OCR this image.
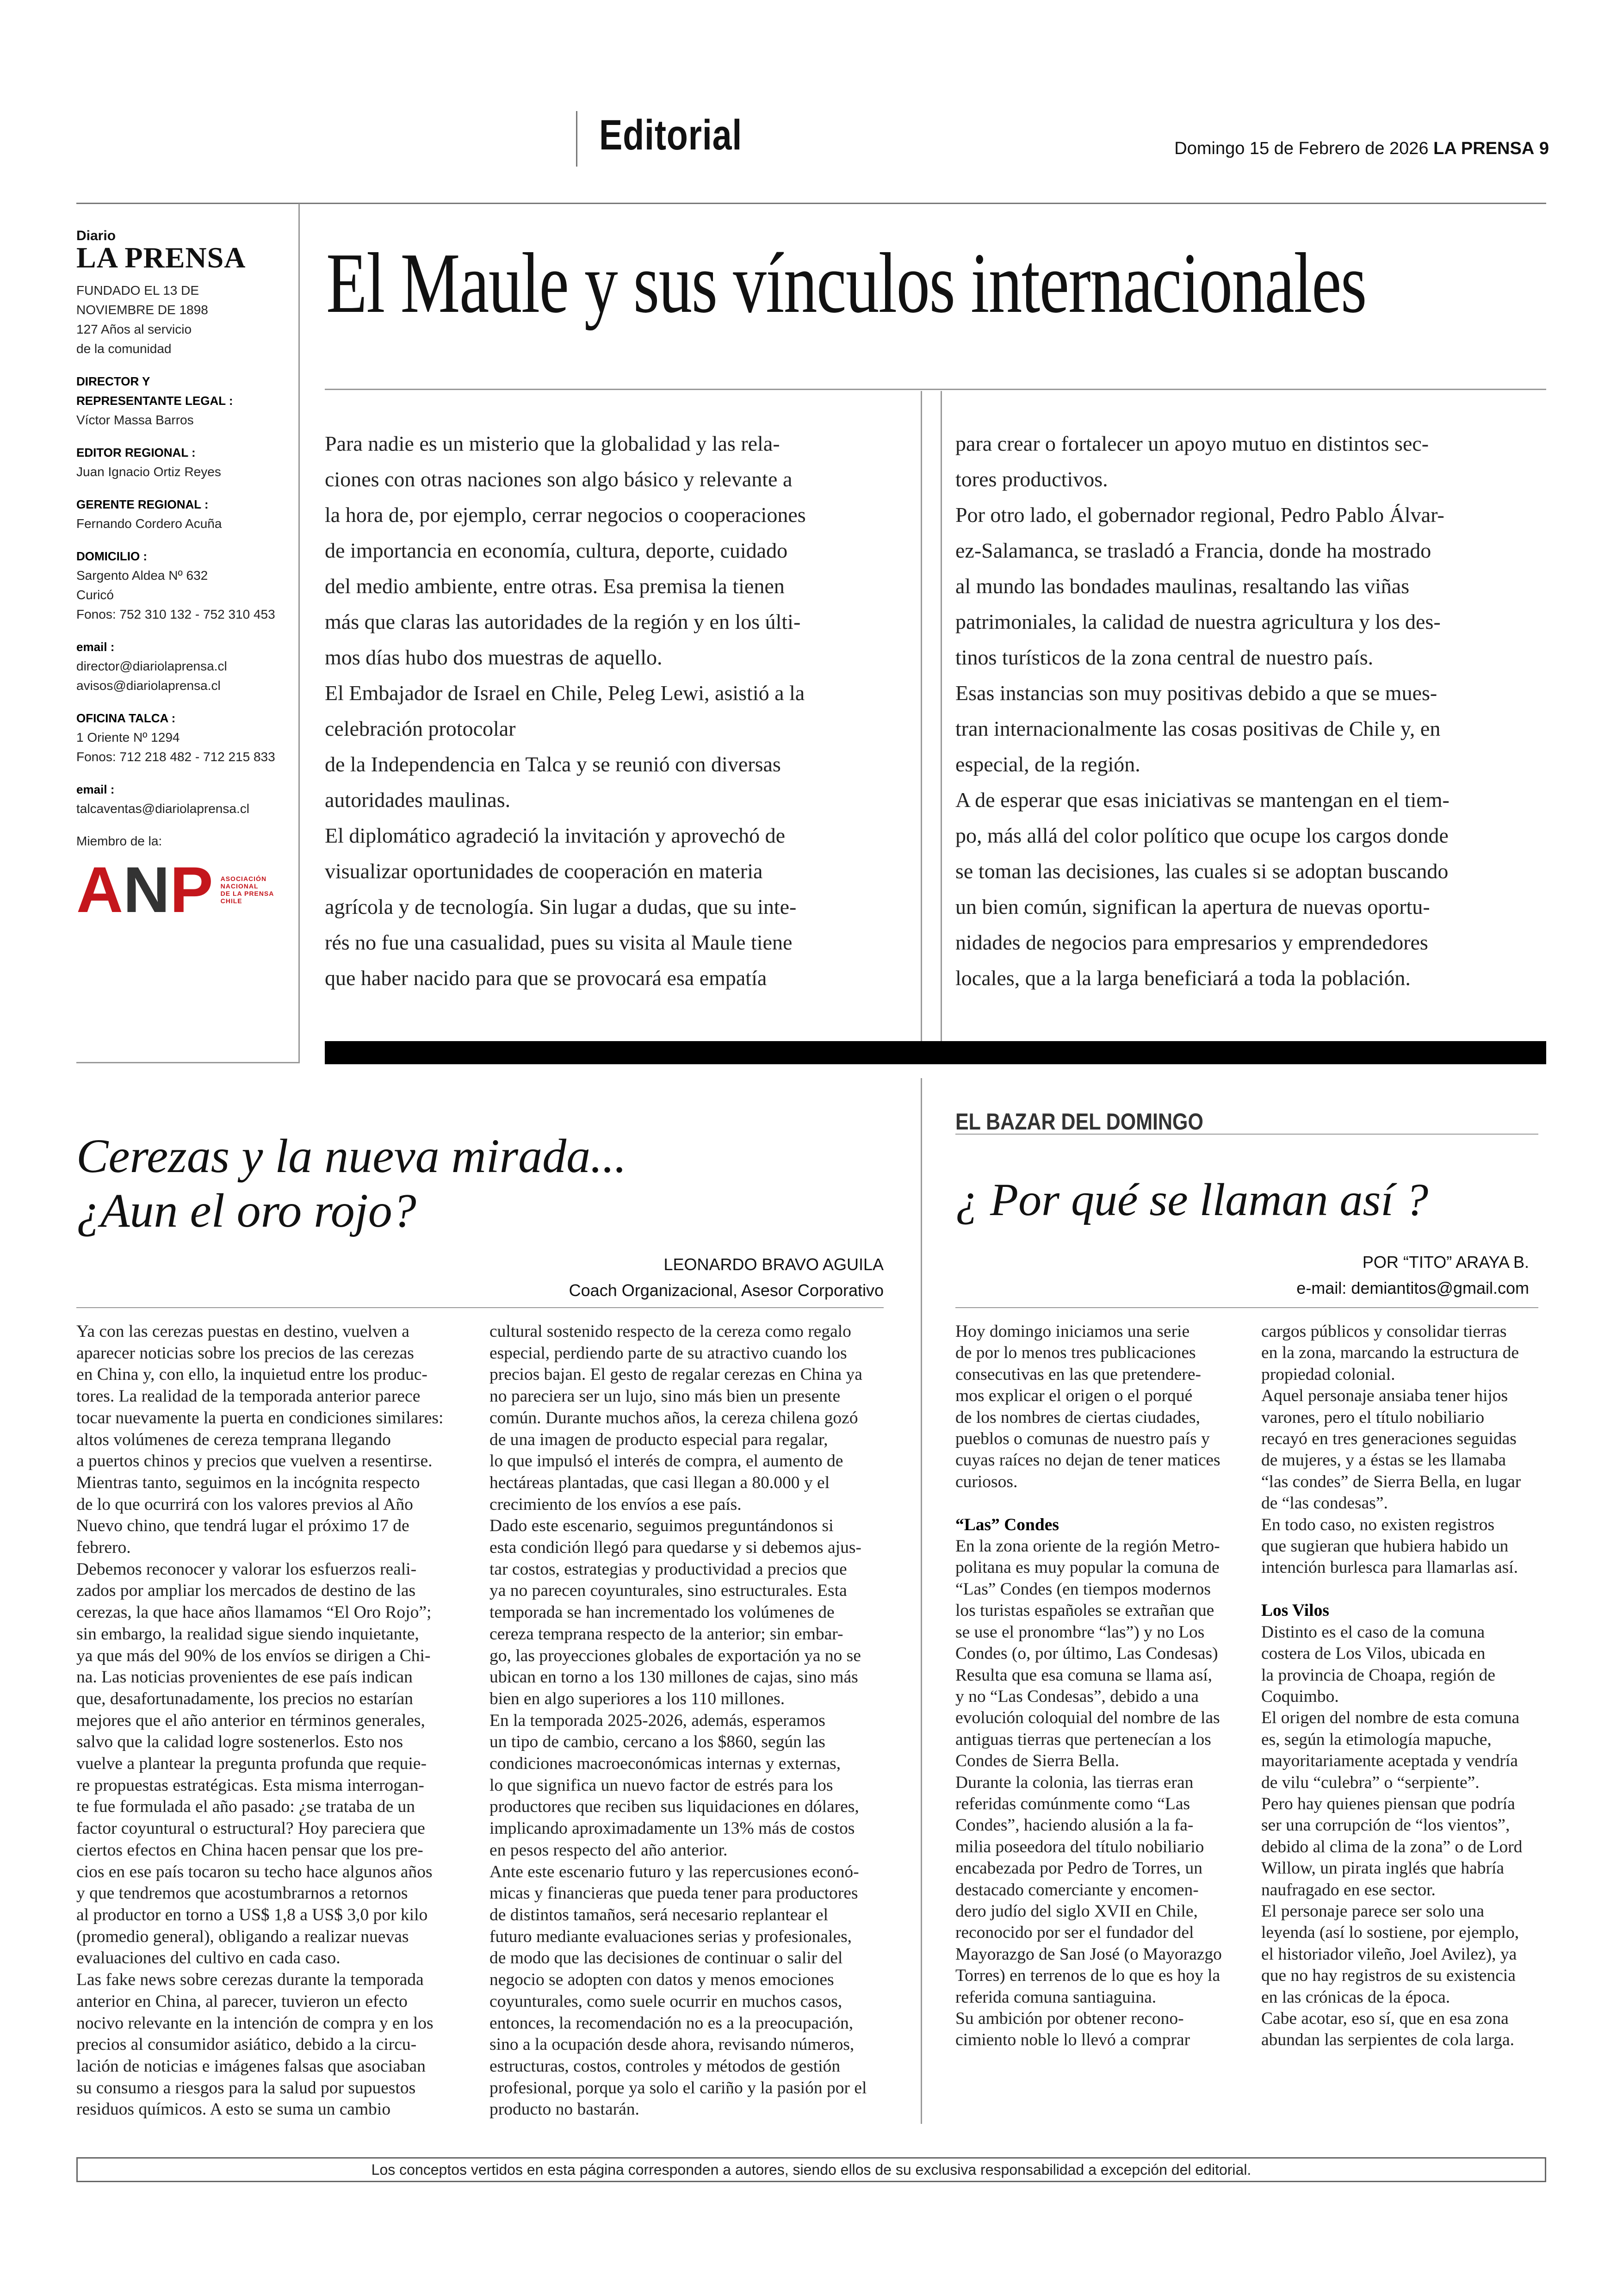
Editorial	Domingo 15 de Febrero de 2026 LA PRENSA 9
Diario
LA PRENSA
FUNDADO EL 13 DE
NOVIEMBRE DE 1898
127 Años al servicio
de la comunidad
DIRECTOR Y
REPRESENTANTE LEGAL :
Víctor Massa Barros
EDITOR REGIONAL :
Juan Ignacio Ortiz Reyes
GERENTE REGIONAL :
Fernando Cordero Acuña
DOMICILIO :
Sargento Aldea Nº 632
Curicó
Fonos: 752 310 132 - 752 310 453
email :
director@diariolaprensa.cl
avisos@diariolaprensa.cl
OFICINA TALCA :
1 Oriente Nº 1294
Fonos: 712 218 482 - 712 215 833
email :
talcaventas@diariolaprensa.cl
Miembro de la:
A N P ASOCIACIÓN
NACIONAL
DE LA PRENSA
CHILE
El Maule y sus vínculos internacionales
Para nadie es un misterio que la globalidad y las rela-
ciones con otras naciones son algo básico y relevante a
la hora de, por ejemplo, cerrar negocios o cooperaciones
de importancia en economía, cultura, deporte, cuidado
del medio ambiente, entre otras. Esa premisa la tienen
más que claras las autoridades de la región y en los últi-
mos días hubo dos muestras de aquello.
El Embajador de Israel en Chile, Peleg Lewi, asistió a la
celebración protocolar
de la Independencia en Talca y se reunió con diversas
autoridades maulinas.
El diplomático agradeció la invitación y aprovechó de
visualizar oportunidades de cooperación en materia
agrícola y de tecnología. Sin lugar a dudas, que su inte-
rés no fue una casualidad, pues su visita al Maule tiene
que haber nacido para que se provocará esa empatía
para crear o fortalecer un apoyo mutuo en distintos sec-
tores productivos.
Por otro lado, el gobernador regional, Pedro Pablo Álvar-
ez-Salamanca, se trasladó a Francia, donde ha mostrado
al mundo las bondades maulinas, resaltando las viñas
patrimoniales, la calidad de nuestra agricultura y los des-
tinos turísticos de la zona central de nuestro país.
Esas instancias son muy positivas debido a que se mues-
tran internacionalmente las cosas positivas de Chile y, en
especial, de la región.
A de esperar que esas iniciativas se mantengan en el tiem-
po, más allá del color político que ocupe los cargos donde
se toman las decisiones, las cuales si se adoptan buscando
un bien común, significan la apertura de nuevas oportu-
nidades de negocios para empresarios y emprendedores
locales, que a la larga beneficiará a toda la población.
Cerezas y la nueva mirada...
¿Aun el oro rojo?
LEONARDO BRAVO AGUILA
Coach Organizacional, Asesor Corporativo
Ya con las cerezas puestas en destino, vuelven a
aparecer noticias sobre los precios de las cerezas
en China y, con ello, la inquietud entre los produc-
tores. La realidad de la temporada anterior parece
tocar nuevamente la puerta en condiciones similares:
altos volúmenes de cereza temprana llegando
a puertos chinos y precios que vuelven a resentirse.
Mientras tanto, seguimos en la incógnita respecto
de lo que ocurrirá con los valores previos al Año
Nuevo chino, que tendrá lugar el próximo 17 de
febrero.
Debemos reconocer y valorar los esfuerzos reali-
zados por ampliar los mercados de destino de las
cerezas, la que hace años llamamos “El Oro Rojo”;
sin embargo, la realidad sigue siendo inquietante,
ya que más del 90% de los envíos se dirigen a Chi-
na. Las noticias provenientes de ese país indican
que, desafortunadamente, los precios no estarían
mejores que el año anterior en términos generales,
salvo que la calidad logre sostenerlos. Esto nos
vuelve a plantear la pregunta profunda que requie-
re propuestas estratégicas. Esta misma interrogan-
te fue formulada el año pasado: ¿se trataba de un
factor coyuntural o estructural? Hoy pareciera que
ciertos efectos en China hacen pensar que los pre-
cios en ese país tocaron su techo hace algunos años
y que tendremos que acostumbrarnos a retornos
al productor en torno a US$ 1,8 a US$ 3,0 por kilo
(promedio general), obligando a realizar nuevas
evaluaciones del cultivo en cada caso.
Las fake news sobre cerezas durante la temporada
anterior en China, al parecer, tuvieron un efecto
nocivo relevante en la intención de compra y en los
precios al consumidor asiático, debido a la circu-
lación de noticias e imágenes falsas que asociaban
su consumo a riesgos para la salud por supuestos
residuos químicos. A esto se suma un cambio
cultural sostenido respecto de la cereza como regalo
especial, perdiendo parte de su atractivo cuando los
precios bajan. El gesto de regalar cerezas en China ya
no pareciera ser un lujo, sino más bien un presente
común. Durante muchos años, la cereza chilena gozó
de una imagen de producto especial para regalar,
lo que impulsó el interés de compra, el aumento de
hectáreas plantadas, que casi llegan a 80.000 y el
crecimiento de los envíos a ese país.
Dado este escenario, seguimos preguntándonos si
esta condición llegó para quedarse y si debemos ajus-
tar costos, estrategias y productividad a precios que
ya no parecen coyunturales, sino estructurales. Esta
temporada se han incrementado los volúmenes de
cereza temprana respecto de la anterior; sin embar-
go, las proyecciones globales de exportación ya no se
ubican en torno a los 130 millones de cajas, sino más
bien en algo superiores a los 110 millones.
En la temporada 2025-2026, además, esperamos
un tipo de cambio, cercano a los $860, según las
condiciones macroeconómicas internas y externas,
lo que significa un nuevo factor de estrés para los
productores que reciben sus liquidaciones en dólares,
implicando aproximadamente un 13% más de costos
en pesos respecto del año anterior.
Ante este escenario futuro y las repercusiones econó-
micas y financieras que pueda tener para productores
de distintos tamaños, será necesario replantear el
futuro mediante evaluaciones serias y profesionales,
de modo que las decisiones de continuar o salir del
negocio se adopten con datos y menos emociones
coyunturales, como suele ocurrir en muchos casos,
entonces, la recomendación no es a la preocupación,
sino a la ocupación desde ahora, revisando números,
estructuras, costos, controles y métodos de gestión
profesional, porque ya solo el cariño y la pasión por el
producto no bastarán.
EL BAZAR DEL DOMINGO
¿ Por qué se llaman así ?
POR “TITO” ARAYA B.
e-mail: demiantitos@gmail.com
Hoy domingo iniciamos una serie
de por lo menos tres publicaciones
consecutivas en las que pretendere-
mos explicar el origen o el porqué
de los nombres de ciertas ciudades,
pueblos o comunas de nuestro país y
cuyas raíces no dejan de tener matices
curiosos.

“Las” Condes
En la zona oriente de la región Metro-
politana es muy popular la comuna de
“Las” Condes (en tiempos modernos
los turistas españoles se extrañan que
se use el pronombre “las”) y no Los
Condes (o, por último, Las Condesas)
Resulta que esa comuna se llama así,
y no “Las Condesas”, debido a una
evolución coloquial del nombre de las
antiguas tierras que pertenecían a los
Condes de Sierra Bella.
Durante la colonia, las tierras eran
referidas comúnmente como “Las
Condes”, haciendo alusión a la fa-
milia poseedora del título nobiliario
encabezada por Pedro de Torres, un
destacado comerciante y encomen-
dero judío del siglo XVII en Chile,
reconocido por ser el fundador del
Mayorazgo de San José (o Mayorazgo
Torres) en terrenos de lo que es hoy la
referida comuna santiaguina.
Su ambición por obtener recono-
cimiento noble lo llevó a comprar
cargos públicos y consolidar tierras
en la zona, marcando la estructura de
propiedad colonial.
Aquel personaje ansiaba tener hijos
varones, pero el título nobiliario
recayó en tres generaciones seguidas
de mujeres, y a éstas se les llamaba
“las condes” de Sierra Bella, en lugar
de “las condesas”.
En todo caso, no existen registros
que sugieran que hubiera habido un
intención burlesca para llamarlas así.

Los Vilos
Distinto es el caso de la comuna
costera de Los Vilos, ubicada en
la provincia de Choapa, región de
Coquimbo.
El origen del nombre de esta comuna
es, según la etimología mapuche,
mayoritariamente aceptada y vendría
de vilu “culebra” o “serpiente”.
Pero hay quienes piensan que podría
ser una corrupción de “los vientos”,
debido al clima de la zona” o de Lord
Willow, un pirata inglés que habría
naufragado en ese sector.
El personaje parece ser solo una
leyenda (así lo sostiene, por ejemplo,
el historiador vileño, Joel Avilez), ya
que no hay registros de su existencia
en las crónicas de la época.
Cabe acotar, eso sí, que en esa zona
abundan las serpientes de cola larga.
Los conceptos vertidos en esta página corresponden a autores, siendo ellos de su exclusiva responsabilidad a excepción del editorial.
